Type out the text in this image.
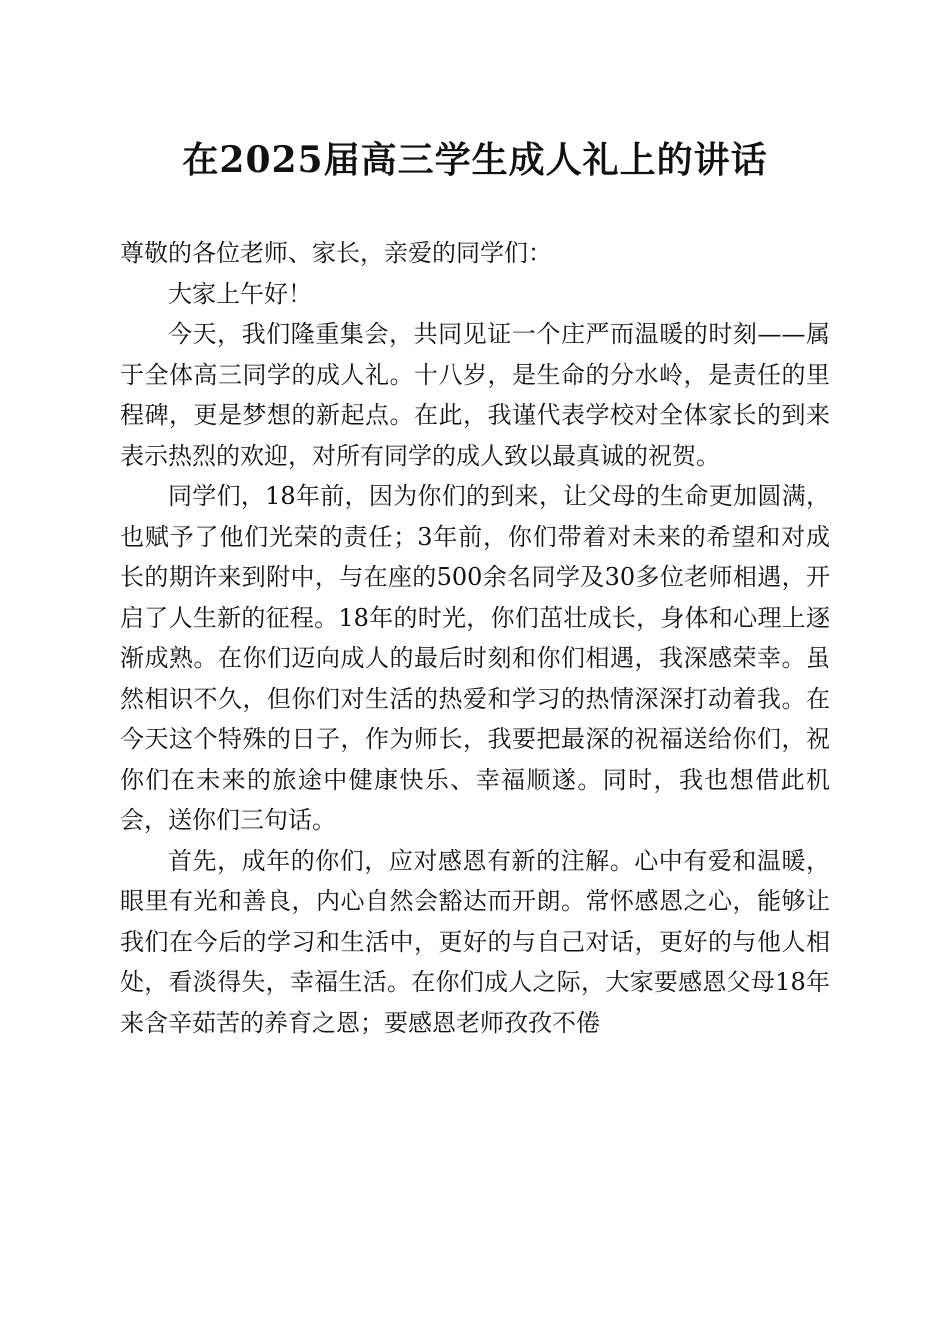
在2025届高三学生成人礼上的讲话

尊敬的各位老师、家长，亲爱的同学们：

大家上午好！

今天，我们隆重集会，共同见证一个庄严而温暖的时刻——属于全体高三同学的成人礼。十八岁，是生命的分水岭，是责任的里程碑，更是梦想的新起点。在此，我谨代表学校对全体家长的到来表示热烈的欢迎，对所有同学的成人致以最真诚的祝贺。

同学们，18年前，因为你们的到来，让父母的生命更加圆满，也赋予了他们光荣的责任；3年前，你们带着对未来的希望和对成长的期许来到附中，与在座的500余名同学及30多位老师相遇，开启了人生新的征程。18年的时光，你们茁壮成长，身体和心理上逐渐成熟。在你们迈向成人的最后时刻和你们相遇，我深感荣幸。虽然相识不久，但你们对生活的热爱和学习的热情深深打动着我。在今天这个特殊的日子，作为师长，我要把最深的祝福送给你们，祝你们在未来的旅途中健康快乐、幸福顺遂。同时，我也想借此机会，送你们三句话。

首先，成年的你们，应对感恩有新的注解。心中有爱和温暖，眼里有光和善良，内心自然会豁达而开朗。常怀感恩之心，能够让我们在今后的学习和生活中，更好的与自己对话，更好的与他人相处，看淡得失，幸福生活。在你们成人之际，大家要感恩父母18年来含辛茹苦的养育之恩；要感恩老师孜孜不倦
